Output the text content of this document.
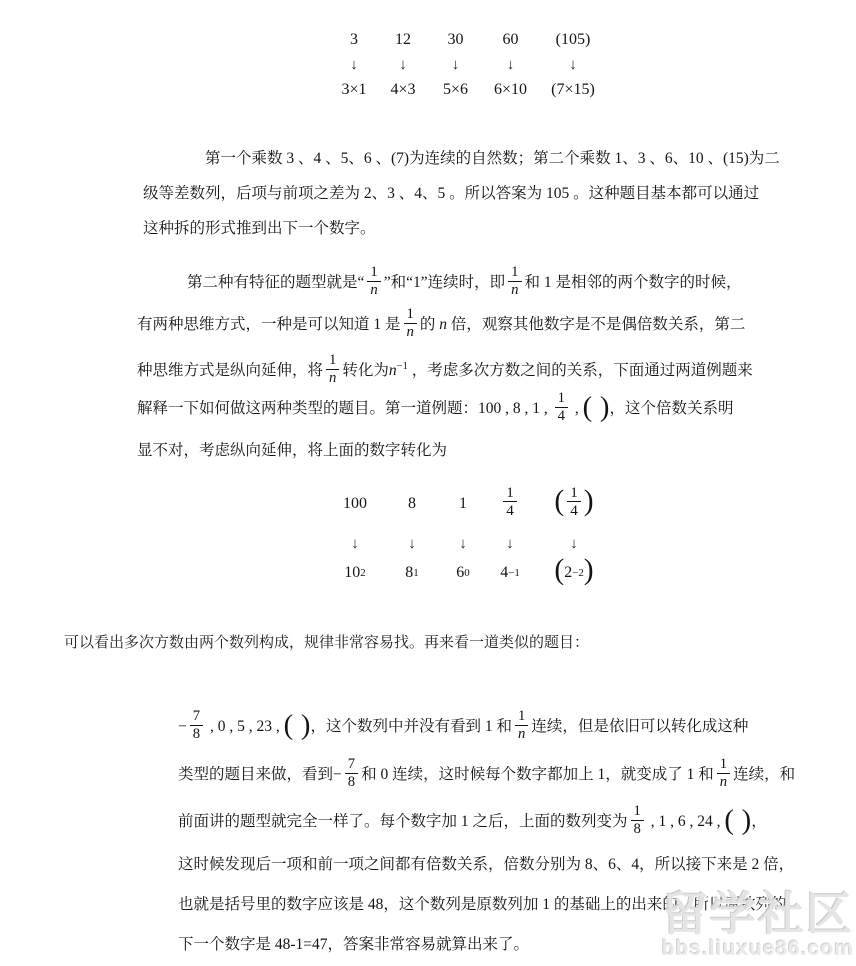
3	12	30	60	(105)
↓	↓	↓	↓	↓
3×1	4×3	5×6	6×10	(7×15)
第一个乘数 3 、4 、5、6 、(7)为连续的自然数；第二个乘数 1、3 、6、10 、(15)为二
级等差数列，后项与前项之差为 2、3 、4、5 。所以答案为 105 。这种题目基本都可以通过
这种拆的形式推到出下一个数字。
第二种有特征的题型就是“ $\frac{1}{n}$ ”和“1”连续时，即 $\frac{1}{n}$ 和 1 是相邻的两个数字的时候，
有两种思维方式，一种是可以知道 1 是 $\frac{1}{n}$ 的 n 倍，观察其他数字是不是偶倍数关系，第二
种思维方式是纵向延伸，将 $\frac{1}{n}$ 转化为$n^{-1}$ ，考虑多次方数之间的关系，下面通过两道例题来
解释一下如何做这两种类型的题目。第一道例题：100 , 8 , 1 , $\frac{1}{4}$ , ( )，这个倍数关系明
显不对，考虑纵向延伸，将上面的数字转化为
100	8	1	$\frac{1}{4}$ ( $\frac{1}{4}$ )
↓	↓	↓	↓	↓
10 2	8 1	6 0	4 −1 ( 2 −2 )
可以看出多次方数由两个数列构成，规律非常容易找。再来看一道类似的题目：
− $\frac{7}{8}$ , 0 , 5 , 23 , ( )，这个数列中并没有看到 1 和 $\frac{1}{n}$ 连续，但是依旧可以转化成这种
类型的题目来做，看到− $\frac{7}{8}$ 和 0 连续，这时候每个数字都加上 1，就变成了 1 和 $\frac{1}{n}$ 连续，和
前面讲的题型就完全一样了。每个数字加 1 之后，上面的数列变为 $\frac{1}{8}$ , 1 , 6 , 24 , ( )，
这时候发现后一项和前一项之间都有倍数关系，倍数分别为 8、6、4，所以接下来是 2 倍，
也就是括号里的数字应该是 48，这个数列是原数列加 1 的基础上的出来的，所以原数列的
下一个数字是 48-1=47，答案非常容易就算出来了。
留学社区
bbs.liuxue86.com
